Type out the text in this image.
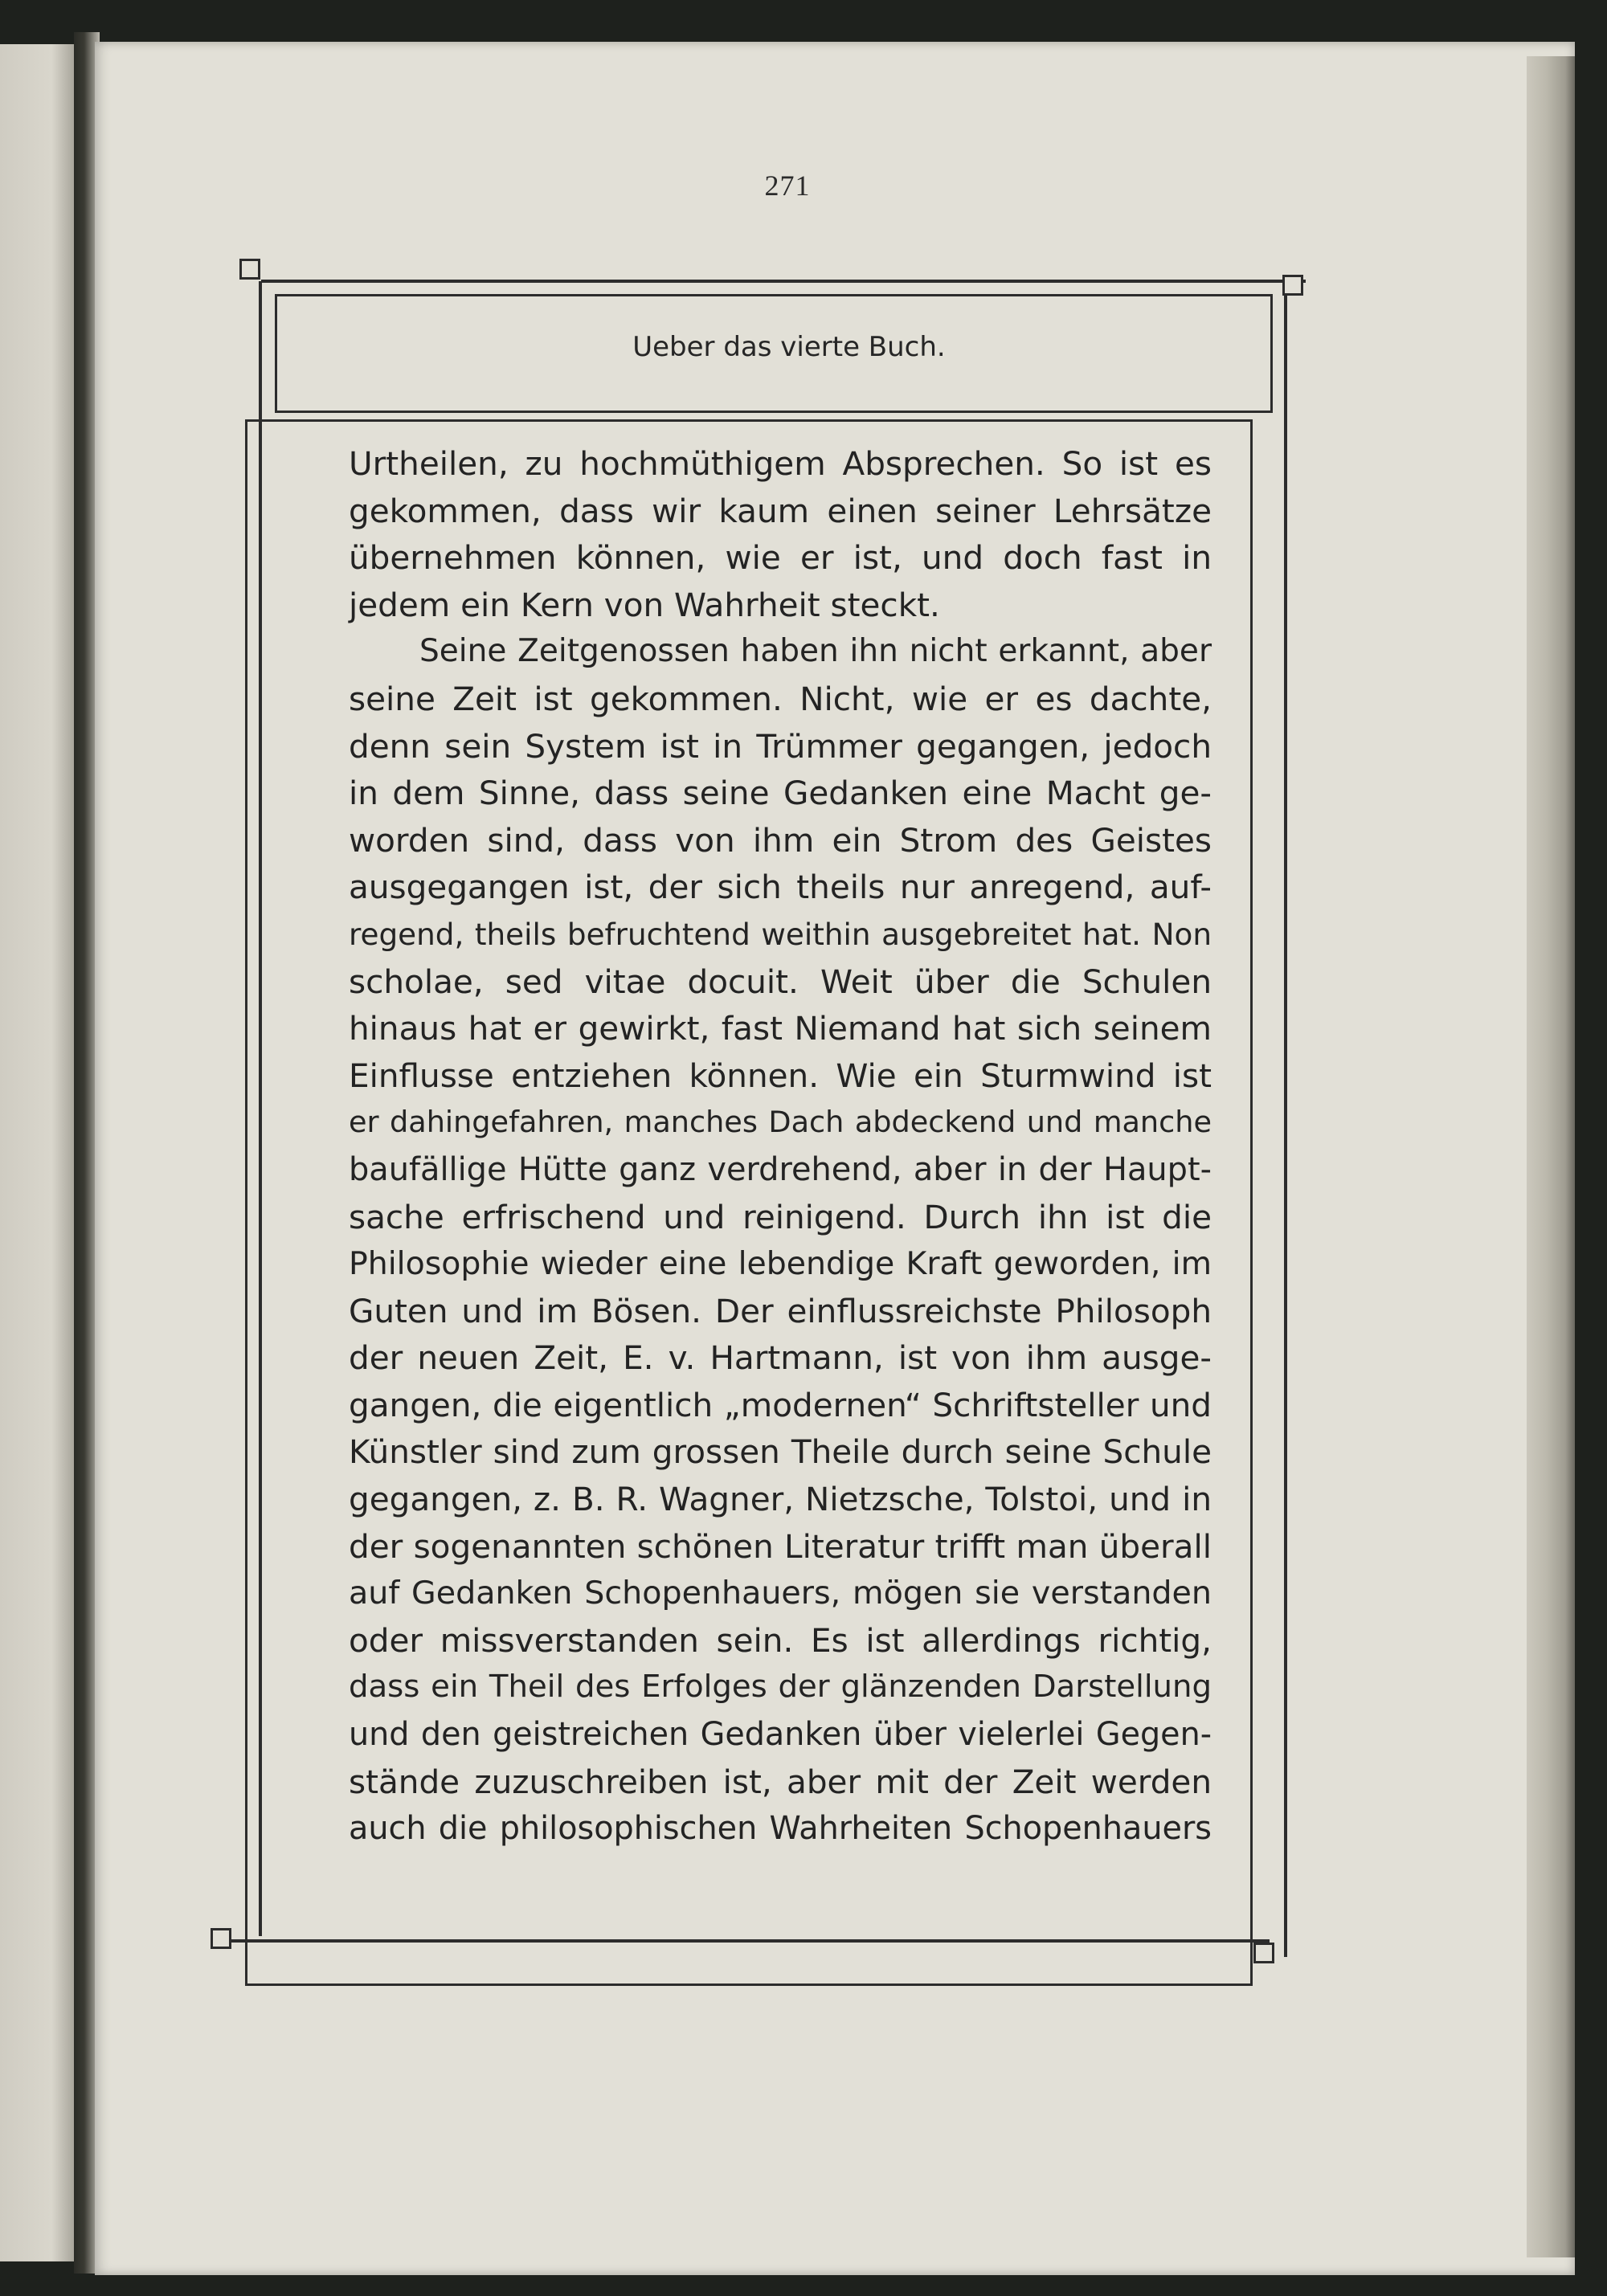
271
Ueber das vierte Buch.
Urtheilen, zu hochmüthigem Absprechen. So ist es
gekommen, dass wir kaum einen seiner Lehrsätze
übernehmen können, wie er ist, und doch fast in
jedem ein Kern von Wahrheit steckt.
Seine Zeitgenossen haben ihn nicht erkannt, aber
seine Zeit ist gekommen. Nicht, wie er es dachte,
denn sein System ist in Trümmer gegangen, jedoch
in dem Sinne, dass seine Gedanken eine Macht ge-
worden sind, dass von ihm ein Strom des Geistes
ausgegangen ist, der sich theils nur anregend, auf-
regend, theils befruchtend weithin ausgebreitet hat. Non
scholae, sed vitae docuit. Weit über die Schulen
hinaus hat er gewirkt, fast Niemand hat sich seinem
Einflusse entziehen können. Wie ein Sturmwind ist
er dahingefahren, manches Dach abdeckend und manche
baufällige Hütte ganz verdrehend, aber in der Haupt-
sache erfrischend und reinigend. Durch ihn ist die
Philosophie wieder eine lebendige Kraft geworden, im
Guten und im Bösen. Der einflussreichste Philosoph
der neuen Zeit, E. v. Hartmann, ist von ihm ausge-
gangen, die eigentlich „modernen“ Schriftsteller und
Künstler sind zum grossen Theile durch seine Schule
gegangen, z. B. R. Wagner, Nietzsche, Tolstoi, und in
der sogenannten schönen Literatur trifft man überall
auf Gedanken Schopenhauers, mögen sie verstanden
oder missverstanden sein. Es ist allerdings richtig,
dass ein Theil des Erfolges der glänzenden Darstellung
und den geistreichen Gedanken über vielerlei Gegen-
stände zuzuschreiben ist, aber mit der Zeit werden
auch die philosophischen Wahrheiten Schopenhauers
